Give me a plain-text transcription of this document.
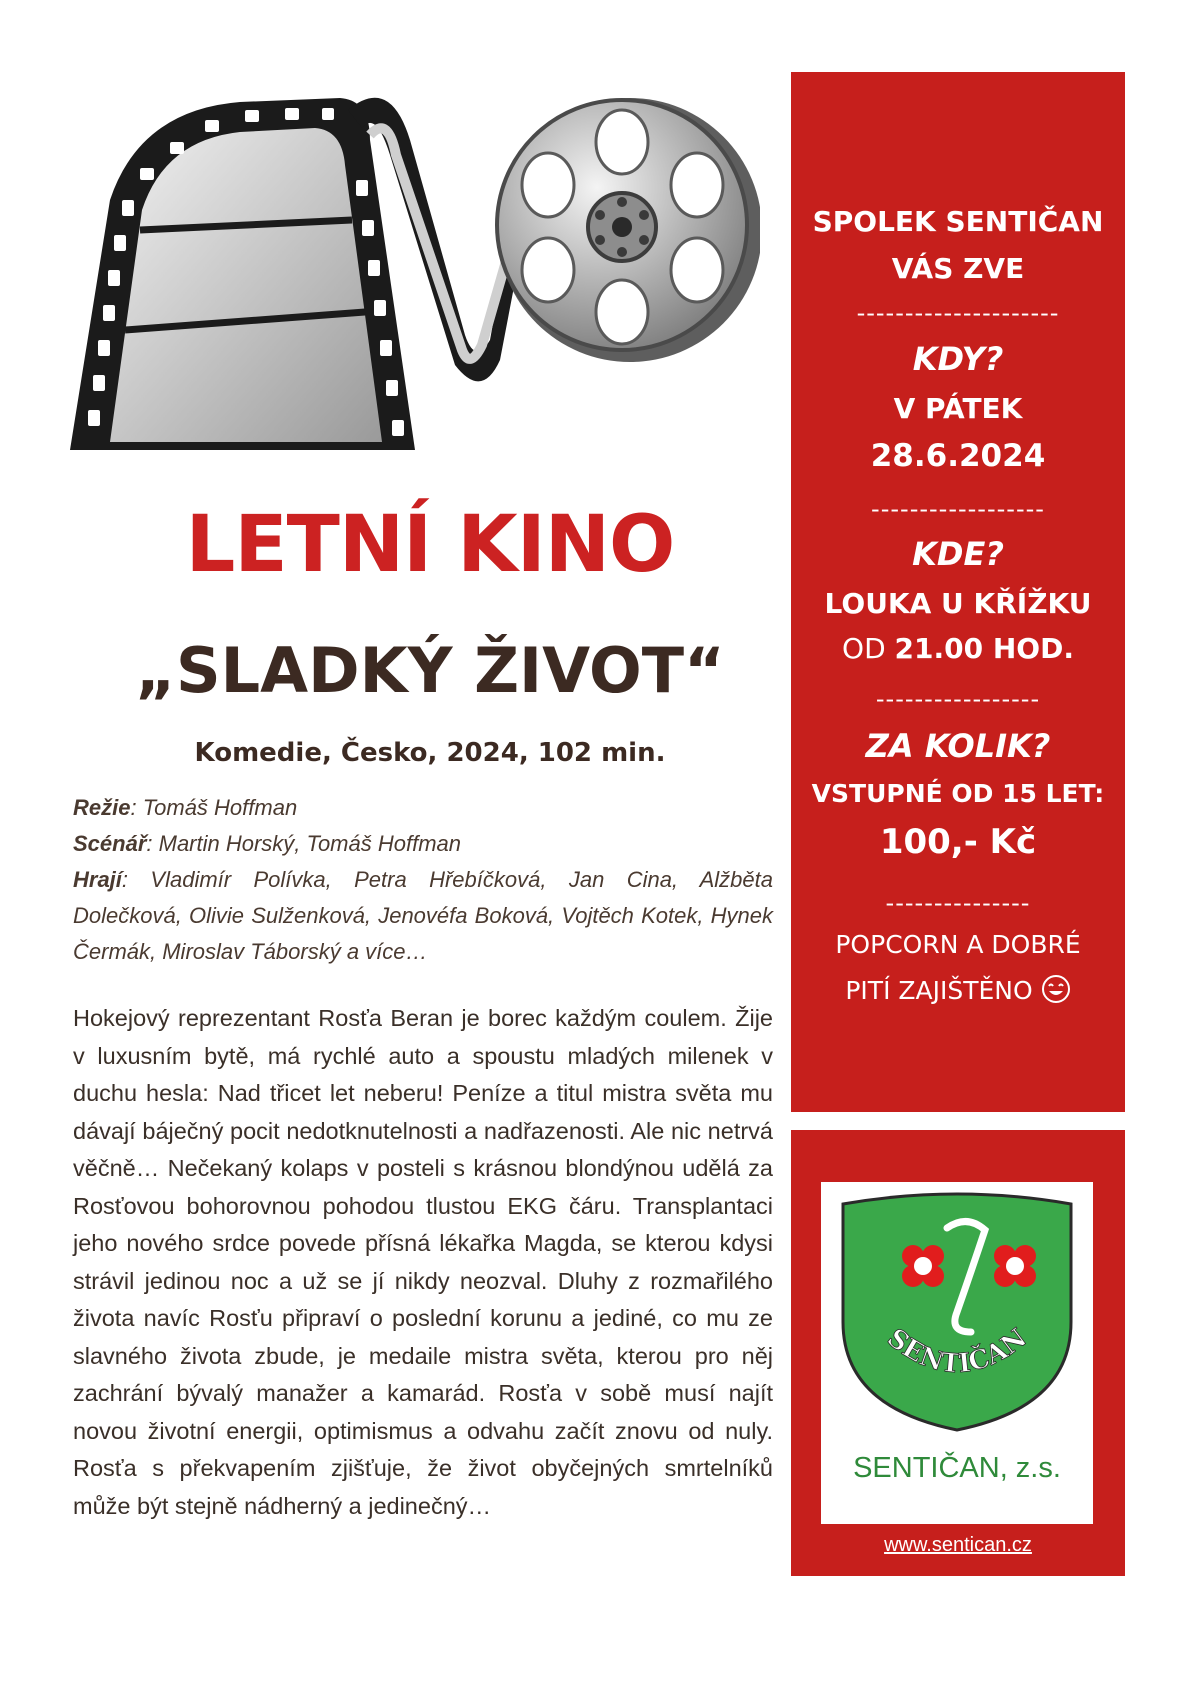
LETNÍ KINO
„SLADKÝ ŽIVOT“
Komedie, Česko, 2024, 102 min.
Režie: Tomáš Hoffman
Scénář: Martin Horský, Tomáš Hoffman
Hrají: Vladimír Polívka, Petra Hřebíčková, Jan Cina, Alžběta Dolečková, Olivie Sulženková, Jenovéfa Boková, Vojtěch Kotek, Hynek Čermák, Miroslav Táborský a více…
Hokejový reprezentant Rosťa Beran je borec každým coulem. Žije v luxusním bytě, má rychlé auto a spoustu mladých milenek v duchu hesla: Nad třicet let neberu! Peníze a titul mistra světa mu dávají báječný pocit nedotknutelnosti a nadřazenosti. Ale nic netrvá věčně… Nečekaný kolaps v posteli s krásnou blondýnou udělá za Rosťovou bohorovnou pohodou tlustou EKG čáru. Transplantaci jeho nového srdce povede přísná lékařka Magda, se kterou kdysi strávil jedinou noc a už se jí nikdy neozval. Dluhy z rozmařilého života navíc Rosťu připraví o poslední korunu a jediné, co mu ze slavného života zbude, je medaile mistra světa, kterou pro něj zachrání bývalý manažer a kamarád. Rosťa v sobě musí najít novou životní energii, optimismus a odvahu začít znovu od nuly. Rosťa s překvapením zjišťuje, že život obyčejných smrtelníků může být stejně nádherný a jedinečný…
SPOLEK SENTIČAN
VÁS ZVE
---------------------
KDY?
V PÁTEK
28.6.2024
------------------
KDE?
LOUKA U KŘÍŽKU
OD 21.00 HOD.
-----------------
ZA KOLIK?
VSTUPNÉ OD 15 LET:
100,- Kč
---------------
POPCORN A DOBRÉ
PITÍ ZAJIŠTĚNO
SENTIČAN
SENTIČAN, z.s.
www.sentican.cz
